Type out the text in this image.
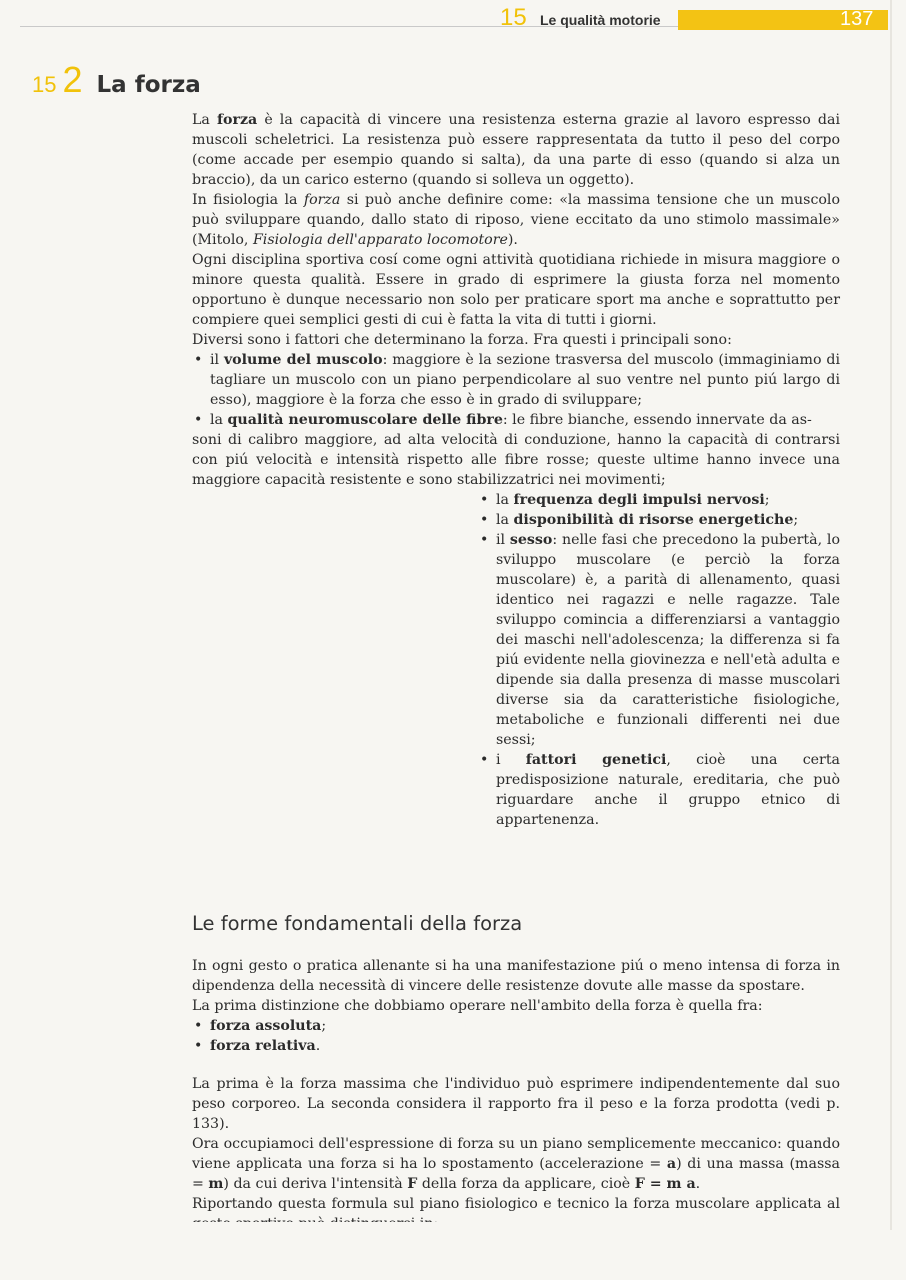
15 Le qualità motorie	137
15 2 La forza

La forza è la capacità di vincere una resistenza esterna grazie al lavoro espresso dai muscoli scheletrici. La resistenza può essere rappresentata da tutto il peso del corpo (come accade per esempio quando si salta), da una parte di esso (quando si alza un braccio), da un carico esterno (quando si solleva un oggetto).

In fisiologia la forza si può anche definire come: «la massima tensione che un muscolo può sviluppare quando, dallo stato di riposo, viene eccitato da uno stimolo massimale» (Mitolo, Fisiologia dell'apparato locomotore).

Ogni disciplina sportiva cosí come ogni attività quotidiana richiede in misura maggiore o minore questa qualità. Essere in grado di esprimere la giusta forza nel momento opportuno è dunque necessario non solo per praticare sport ma anche e soprattutto per compiere quei semplici gesti di cui è fatta la vita di tutti i giorni.

Diversi sono i fattori che determinano la forza. Fra questi i principali sono:

• il volume del muscolo: maggiore è la sezione trasversa del muscolo (immaginiamo di tagliare un muscolo con un piano perpendicolare al suo ventre nel punto piú largo di esso), maggiore è la forza che esso è in grado di sviluppare;
• la qualità neuromuscolare delle fibre: le fibre bianche, essendo innervate da as-

soni di calibro maggiore, ad alta velocità di conduzione, hanno la capacità di contrarsi con piú velocità e intensità rispetto alle fibre rosse; queste ultime hanno invece una maggiore capacità resistente e sono stabilizzatrici nei movimenti;

• la frequenza degli impulsi nervosi;
• la disponibilità di risorse energetiche;
• il sesso: nelle fasi che precedono la pubertà, lo sviluppo muscolare (e perciò la forza muscolare) è, a parità di allenamento, quasi identico nei ragazzi e nelle ragazze. Tale sviluppo comincia a differenziarsi a vantaggio dei maschi nell'adolescenza; la differenza si fa piú evidente nella giovinezza e nell'età adulta e dipende sia dalla presenza di masse muscolari diverse sia da caratteristiche fisiologiche, metaboliche e funzionali differenti nei due sessi;
• i fattori genetici, cioè una certa predisposizione naturale, ereditaria, che può riguardare anche il gruppo etnico di appartenenza.
Le forme fondamentali della forza

In ogni gesto o pratica allenante si ha una manifestazione piú o meno intensa di forza in dipendenza della necessità di vincere delle resistenze dovute alle masse da spostare.

La prima distinzione che dobbiamo operare nell'ambito della forza è quella fra:

• forza assoluta;
• forza relativa.

La prima è la forza massima che l'individuo può esprimere indipendentemente dal suo peso corporeo. La seconda considera il rapporto fra il peso e la forza prodotta (vedi p. 133).

Ora occupiamoci dell'espressione di forza su un piano semplicemente meccanico: quando viene applicata una forza si ha lo spostamento (accelerazione = a) di una massa (massa = m) da cui deriva l'intensità F della forza da applicare, cioè F = m a.

Riportando questa formula sul piano fisiologico e tecnico la forza muscolare applicata al
